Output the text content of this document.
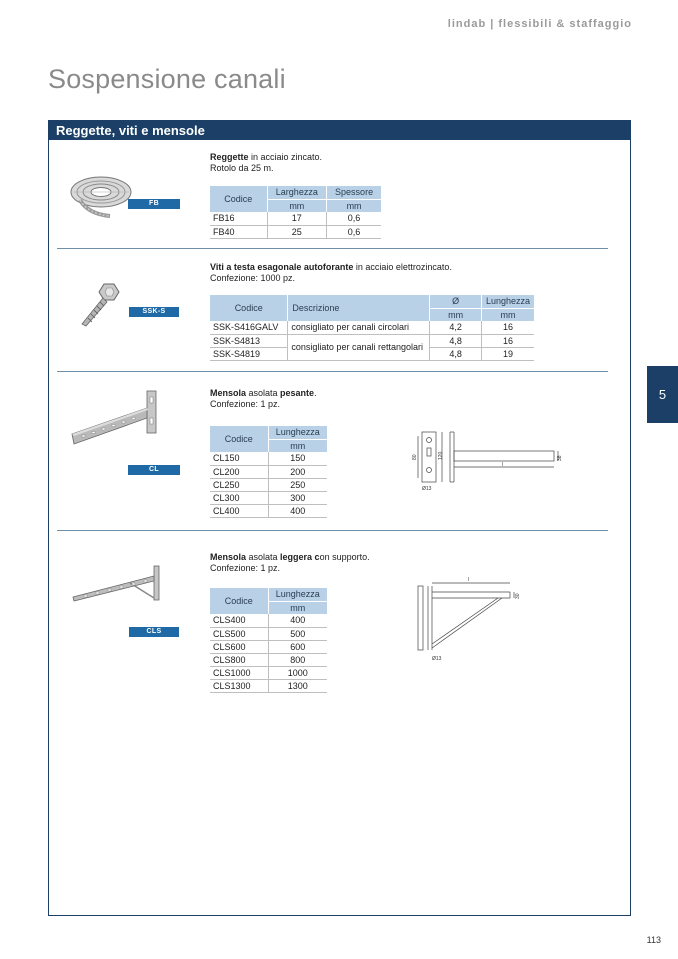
lindab | flessibili & staffaggio
Sospensione canali
Reggette, viti e mensole
5
113
FB
Reggette in acciaio zincato.
Rotolo da 25 m.
Codice	Larghezza	Spessore
	mm	mm
FB16	17	0,6
FB40	25	0,6
SSK-S
Viti a testa esagonale autoforante in acciaio elettrozincato.
Confezione: 1000 pz.
Codice	Descrizione	Ø	Lunghezza
		mm	mm
SSK-S416GALV	consigliato per canali circolari	4,2	16
SSK-S4813	consigliato per canali rettangolari	4,8	16
SSK-S4819		4,8	19
CL
Mensola asolata pesante.
Confezione: 1 pz.
Codice	Lunghezza
	mm
CL150	150
CL200	200
CL250	250
CL300	300
CL400	400
80	120	38
l
Ø13
CLS
Mensola asolata leggera con supporto.
Confezione: 1 pz.
Codice	Lunghezza
	mm
CLS400	400
CLS500	500
CLS600	600
CLS800	800
CLS1000	1000
CLS1300	1300
l
30
Ø13
